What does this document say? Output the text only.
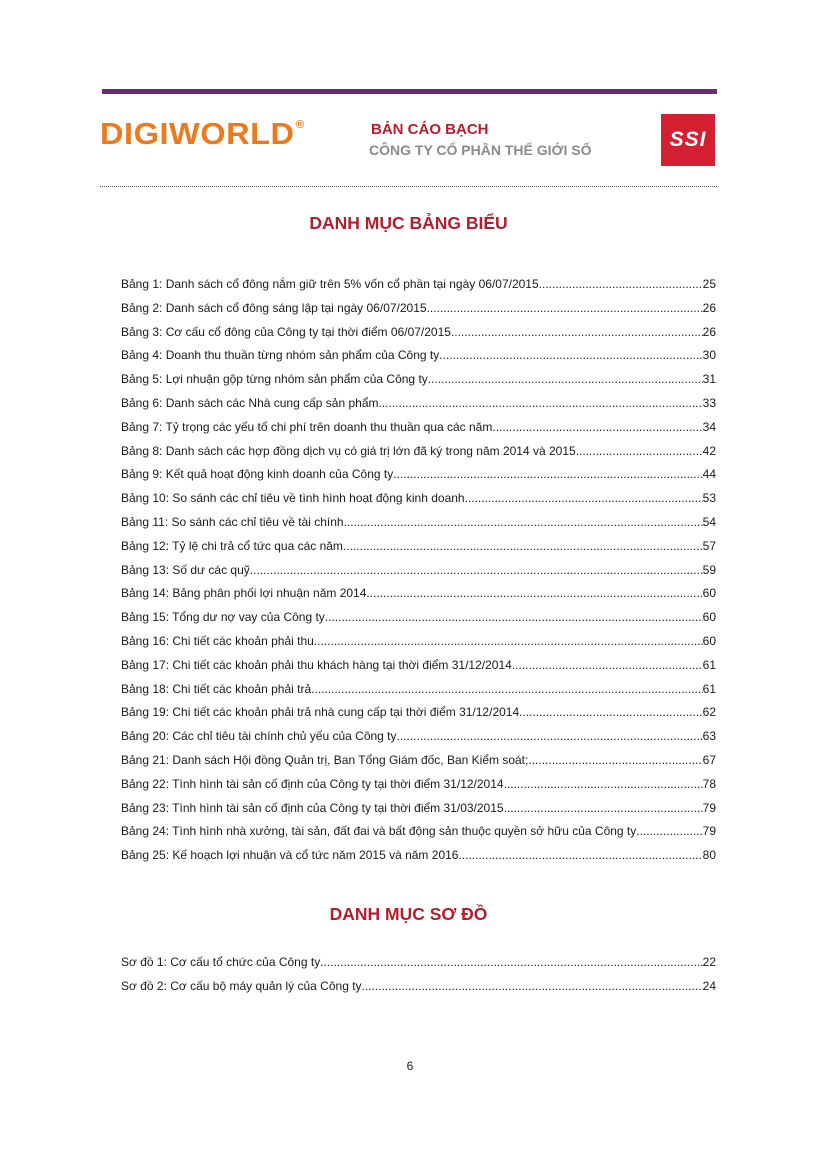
DIGIWORLD®	BẢN CÁO BẠCH
CÔNG TY CỔ PHẦN THẾ GIỚI SỐ	SSI
DANH MỤC BẢNG BIỂU
Bảng 1: Danh sách cổ đông nắm giữ trên 5% vốn cổ phần tại ngày 06/07/2015 .....	25
Bảng 2: Danh sách cổ đông sáng lập tại ngày 06/07/2015 .....	26
Bảng 3: Cơ cấu cổ đông của Công ty tại thời điểm 06/07/2015 .....	26
Bảng 4: Doanh thu thuần từng nhóm sản phẩm của Công ty .....	30
Bảng 5: Lợi nhuận gộp từng nhóm sản phẩm của Công ty .....	31
Bảng 6: Danh sách các Nhà cung cấp sản phẩm .....	33
Bảng 7: Tỷ trọng các yếu tố chi phí trên doanh thu thuần qua các năm .....	34
Bảng 8: Danh sách các hợp đồng dịch vụ có giá trị lớn đã ký trong năm 2014 và 2015 .....	42
Bảng 9: Kết quả hoạt động kinh doanh của Công ty .....	44
Bảng 10: So sánh các chỉ tiêu về tình hình hoạt động kinh doanh .....	53
Bảng 11: So sánh các chỉ tiêu về tài chính .....	54
Bảng 12: Tỷ lệ chi trả cổ tức qua các năm .....	57
Bảng 13: Số dư các quỹ .....	59
Bảng 14: Bảng phân phối lợi nhuận năm 2014 .....	60
Bảng 15: Tổng dư nợ vay của Công ty .....	60
Bảng 16: Chi tiết các khoản phải thu .....	60
Bảng 17: Chi tiết các khoản phải thu khách hàng tại thời điểm 31/12/2014 .....	61
Bảng 18: Chi tiết các khoản phải trả .....	61
Bảng 19: Chi tiết các khoản phải trả nhà cung cấp tại thời điểm 31/12/2014 .....	62
Bảng 20: Các chỉ tiêu tài chính chủ yếu của Công ty .....	63
Bảng 21: Danh sách Hội đồng Quản trị, Ban Tổng Giám đốc, Ban Kiểm soát; .....	67
Bảng 22: Tình hình tài sản cố định của Công ty tại thời điểm 31/12/2014 .....	78
Bảng 23: Tình hình tài sản cố định của Công ty tại thời điểm 31/03/2015 .....	79
Bảng 24: Tình hình nhà xưởng, tài sản, đất đai và bất động sản thuộc quyền sở hữu của Công ty .....	79
Bảng 25: Kế hoạch lợi nhuận và cổ tức năm 2015 và năm 2016 .....	80
DANH MỤC SƠ ĐỒ
Sơ đồ 1: Cơ cấu tổ chức của Công ty .....	22
Sơ đồ 2: Cơ cấu bộ máy quản lý của Công ty .....	24
6
